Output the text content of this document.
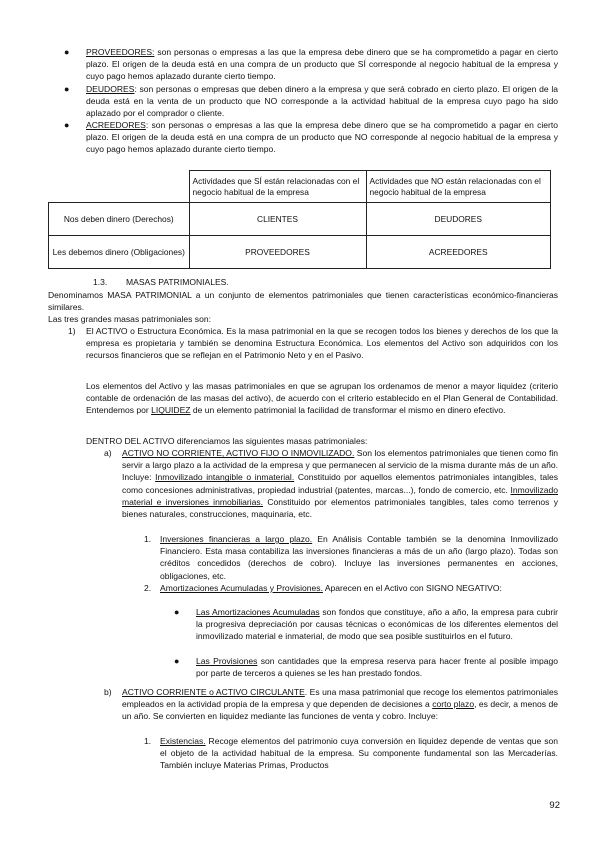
● PROVEEDORES: son personas o empresas a las que la empresa debe dinero que se ha comprometido a pagar en cierto plazo. El origen de la deuda está en una compra de un producto que SÍ corresponde al negocio habitual de la empresa y cuyo pago hemos aplazado durante cierto tiempo.

● DEUDORES: son personas o empresas que deben dinero a la empresa y que será cobrado en cierto plazo. El origen de la deuda está en la venta de un producto que NO corresponde a la actividad habitual de la empresa cuyo pago ha sido aplazado por el comprador o cliente.

● ACREEDORES: son personas o empresas a las que la empresa debe dinero que se ha comprometido a pagar en cierto plazo. El origen de la deuda está en una compra de un producto que NO corresponde al negocio habitual de la empresa y cuyo pago hemos aplazado durante cierto tiempo.

	Actividades que SÍ están relacionadas con el negocio habitual de la empresa	Actividades que NO están relacionadas con el negocio habitual de la empresa
Nos deben dinero (Derechos)	CLIENTES	DEUDORES
Les debemos dinero (Obligaciones)	PROVEEDORES	ACREEDORES
1.3. MASAS PATRIMONIALES.

Denominamos MASA PATRIMONIAL a un conjunto de elementos patrimoniales que tienen características económico-financieras similares.

Las tres grandes masas patrimoniales son:

1) El ACTIVO o Estructura Económica. Es la masa patrimonial en la que se recogen todos los bienes y derechos de los que la empresa es propietaria y también se denomina Estructura Económica. Los elementos del Activo son adquiridos con los recursos financieros que se reflejan en el Patrimonio Neto y en el Pasivo.

Los elementos del Activo y las masas patrimoniales en que se agrupan los ordenamos de menor a mayor liquidez (criterio contable de ordenación de las masas del activo), de acuerdo con el criterio establecido en el Plan General de Contabilidad. Entendemos por LIQUIDEZ de un elemento patrimonial la facilidad de transformar el mismo en dinero efectivo.

DENTRO DEL ACTIVO diferenciamos las siguientes masas patrimoniales:

a) ACTIVO NO CORRIENTE, ACTIVO FIJO O INMOVILIZADO. Son los elementos patrimoniales que tienen como fin servir a largo plazo a la actividad de la empresa y que permanecen al servicio de la misma durante más de un año. Incluye: Inmovilizado intangible o inmaterial. Constituido por aquellos elementos patrimoniales intangibles, tales como concesiones administrativas, propiedad industrial (patentes, marcas...), fondo de comercio, etc. Inmovilizado material e inversiones inmobiliarias. Constituido por elementos patrimoniales tangibles, tales como terrenos y bienes naturales, construcciones, maquinaria, etc.

1. Inversiones financieras a largo plazo. En Análisis Contable también se la denomina Inmovilizado Financiero. Esta masa contabiliza las inversiones financieras a más de un año (largo plazo). Todas son créditos concedidos (derechos de cobro). Incluye las inversiones permanentes en acciones, obligaciones, etc.

2. Amortizaciones Acumuladas y Provisiones. Aparecen en el Activo con SIGNO NEGATIVO:

● Las Amortizaciones Acumuladas son fondos que constituye, año a año, la empresa para cubrir la progresiva depreciación por causas técnicas o económicas de los diferentes elementos del inmovilizado material e inmaterial, de modo que sea posible sustituirlos en el futuro.

● Las Provisiones son cantidades que la empresa reserva para hacer frente al posible impago por parte de terceros a quienes se les han prestado fondos.

b) ACTIVO CORRIENTE o ACTIVO CIRCULANTE. Es una masa patrimonial que recoge los elementos patrimoniales empleados en la actividad propia de la empresa y que dependen de decisiones a corto plazo, es decir, a menos de un año. Se convierten en liquidez mediante las funciones de venta y cobro. Incluye:

1. Existencias. Recoge elementos del patrimonio cuya conversión en liquidez depende de ventas que son el objeto de la actividad habitual de la empresa. Su componente fundamental son las Mercaderías. También incluye Materias Primas, Productos

92
